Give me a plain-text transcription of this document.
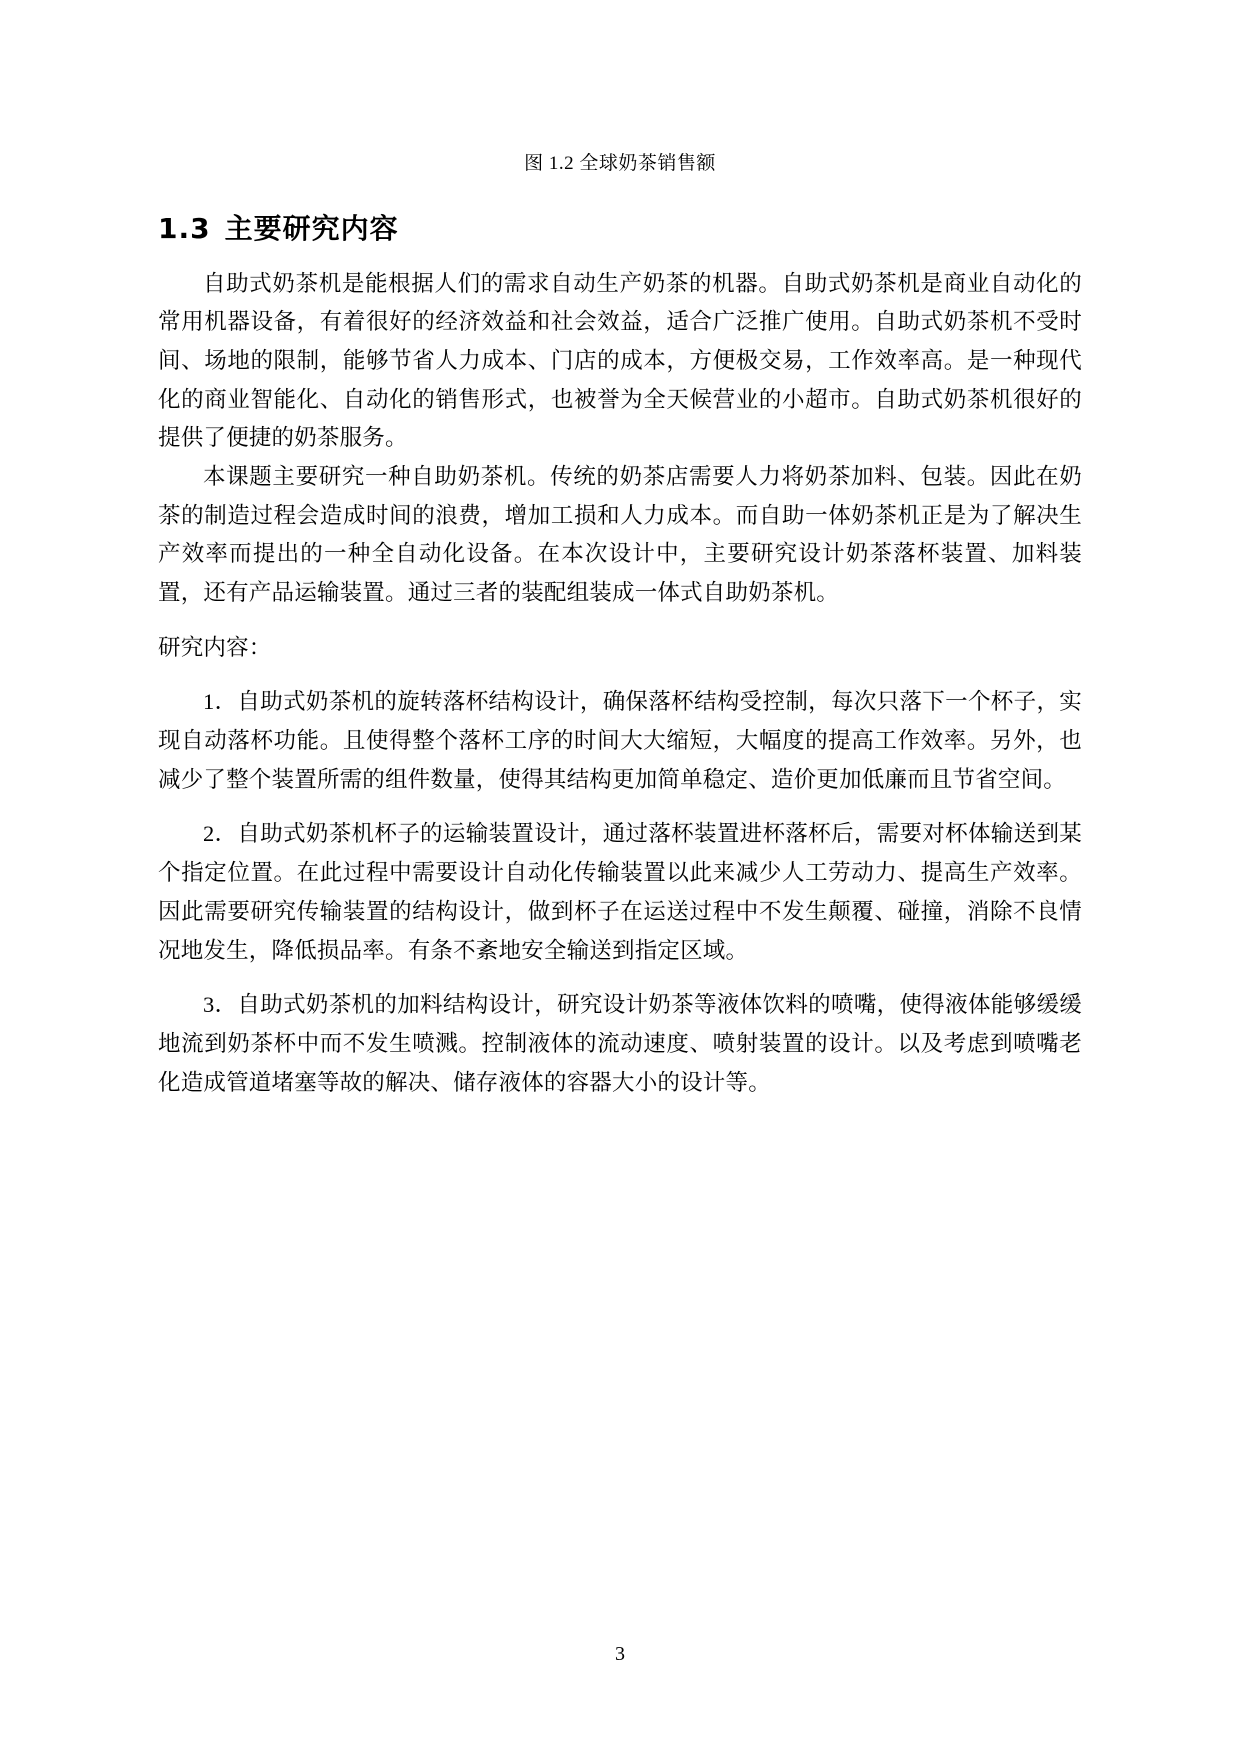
图 1.2 全球奶茶销售额
1.3 主要研究内容

自助式奶茶机是能根据人们的需求自动生产奶茶的机器。自助式奶茶机是商业自动化的常用机器设备，有着很好的经济效益和社会效益，适合广泛推广使用。自助式奶茶机不受时间、场地的限制，能够节省人力成本、门店的成本，方便极交易，工作效率高。是一种现代化的商业智能化、自动化的销售形式，也被誉为全天候营业的小超市。自助式奶茶机很好的提供了便捷的奶茶服务。

本课题主要研究一种自助奶茶机。传统的奶茶店需要人力将奶茶加料、包装。因此在奶茶的制造过程会造成时间的浪费，增加工损和人力成本。而自助一体奶茶机正是为了解决生产效率而提出的一种全自动化设备。在本次设计中，主要研究设计奶茶落杯装置、加料装置，还有产品运输装置。通过三者的装配组装成一体式自助奶茶机。

研究内容：

1．自助式奶茶机的旋转落杯结构设计，确保落杯结构受控制，每次只落下一个杯子，实现自动落杯功能。且使得整个落杯工序的时间大大缩短，大幅度的提高工作效率。另外，也减少了整个装置所需的组件数量，使得其结构更加简单稳定、造价更加低廉而且节省空间。

2．自助式奶茶机杯子的运输装置设计，通过落杯装置进杯落杯后，需要对杯体输送到某个指定位置。在此过程中需要设计自动化传输装置以此来减少人工劳动力、提高生产效率。因此需要研究传输装置的结构设计，做到杯子在运送过程中不发生颠覆、碰撞，消除不良情况地发生，降低损品率。有条不紊地安全输送到指定区域。

3．自助式奶茶机的加料结构设计，研究设计奶茶等液体饮料的喷嘴，使得液体能够缓缓地流到奶茶杯中而不发生喷溅。控制液体的流动速度、喷射装置的设计。以及考虑到喷嘴老化造成管道堵塞等故的解决、储存液体的容器大小的设计等。

3
